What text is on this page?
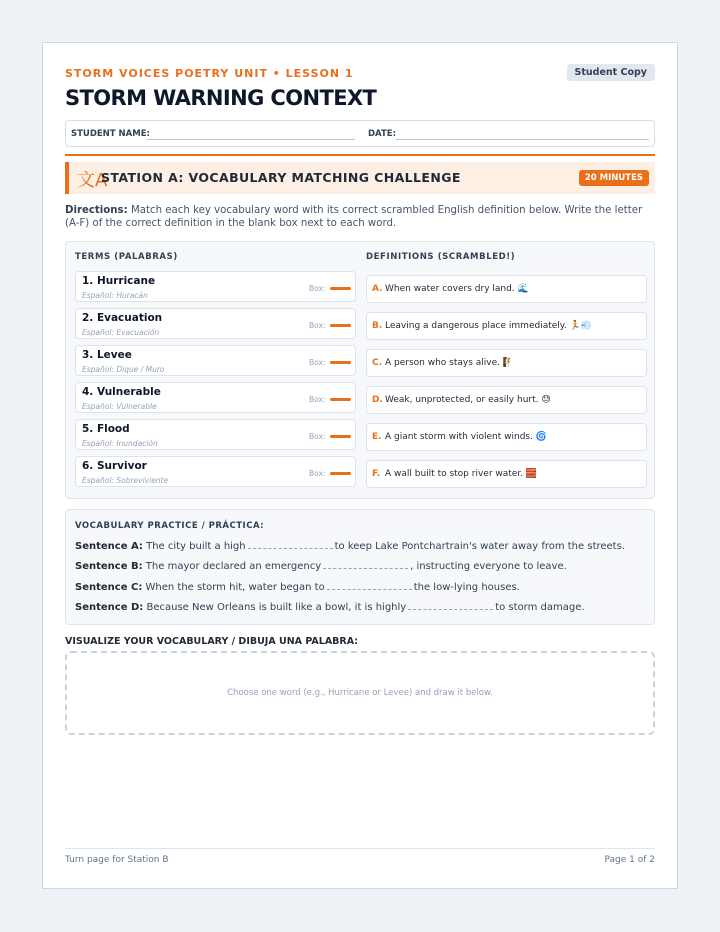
STORM VOICES POETRY UNIT • LESSON 1	Student Copy
STORM WARNING CONTEXT
STUDENT NAME:	DATE:
文A
STATION A: VOCABULARY MATCHING CHALLENGE	20 MINUTES
Directions: Match each key vocabulary word with its correct scrambled English definition below. Write the letter (A-F) of the correct definition in the blank box next to each word.
TERMS (PALABRAS)	DEFINITIONS (SCRAMBLED!)
1. Hurricane
Español: Huracán
Box:
2. Evacuation
Español: Evacuación
Box:
3. Levee
Español: Dique / Muro
Box:
4. Vulnerable
Español: Vulnerable
Box:
5. Flood
Español: Inundación
Box:
6. Survivor
Español: Sobreviviente
Box:
A. When water covers dry land. 🌊
B. Leaving a dangerous place immediately. 🏃💨
C. A person who stays alive. 🧗
D. Weak, unprotected, or easily hurt. 😓
E. A giant storm with violent winds. 🌀
F. A wall built to stop river water. 🧱
VOCABULARY PRACTICE / PRÁCTICA:
Sentence A: The city built a high	to keep Lake Pontchartrain's water away from the streets.
Sentence B: The mayor declared an emergency	, instructing everyone to leave.
Sentence C: When the storm hit, water began to	the low-lying houses.
Sentence D: Because New Orleans is built like a bowl, it is highly	to storm damage.
VISUALIZE YOUR VOCABULARY / DIBUJA UNA PALABRA:
Choose one word (e.g., Hurricane or Levee) and draw it below.
Turn page for Station B	Page 1 of 2
